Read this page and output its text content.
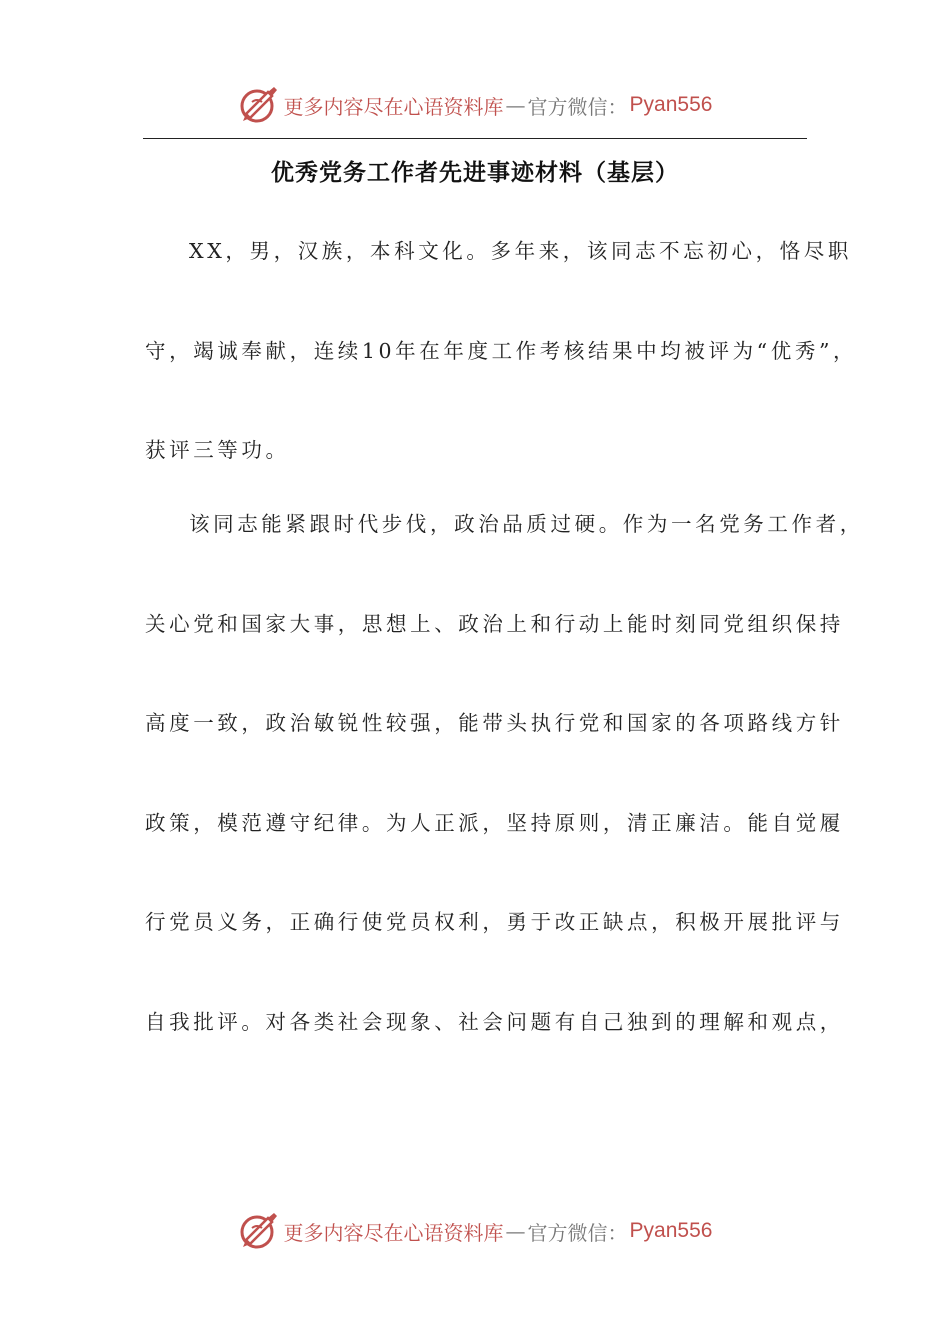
更多内容尽在心语资料库 — 官方微信： Pyan556
优秀党务工作者先进事迹材料（基层）
XX，男，汉族，本科文化。多年来，该同志不忘初心，恪尽职
守，竭诚奉献，连续10年在年度工作考核结果中均被评为“优秀”，
获评三等功。
该同志能紧跟时代步伐，政治品质过硬。作为一名党务工作者，
关心党和国家大事，思想上、政治上和行动上能时刻同党组织保持
高度一致，政治敏锐性较强，能带头执行党和国家的各项路线方针
政策，模范遵守纪律。为人正派，坚持原则，清正廉洁。能自觉履
行党员义务，正确行使党员权利，勇于改正缺点，积极开展批评与
自我批评。对各类社会现象、社会问题有自己独到的理解和观点，
更多内容尽在心语资料库 — 官方微信： Pyan556
